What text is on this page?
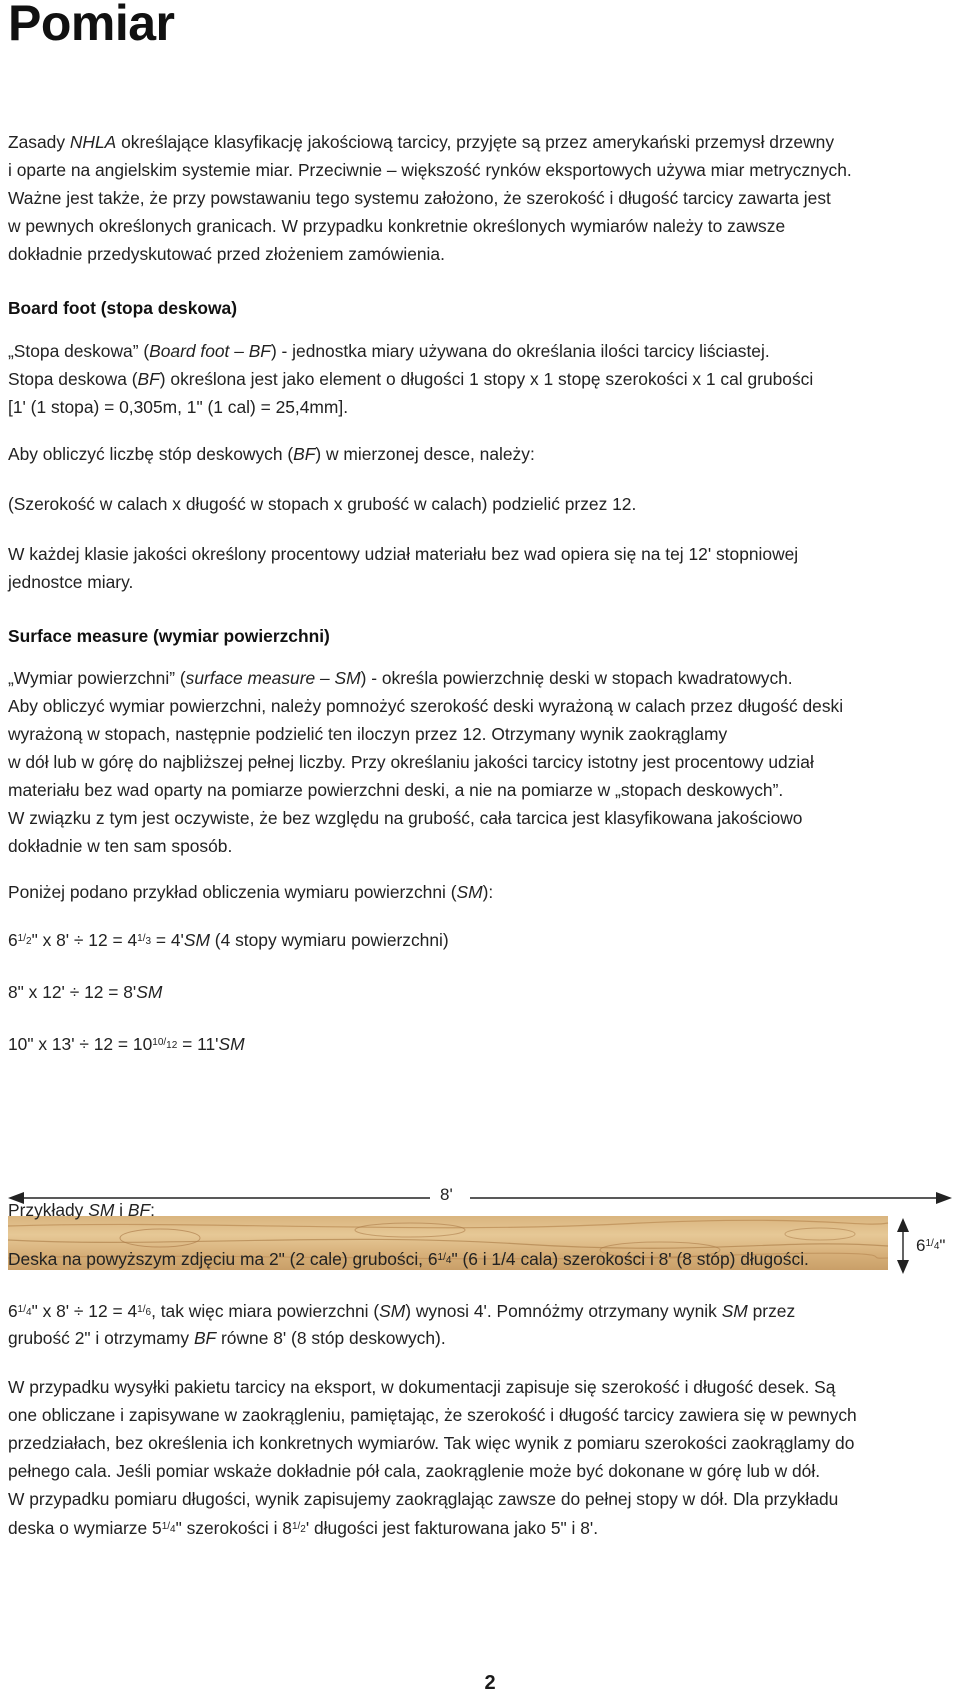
Pomiar

Zasady NHLA określające klasyfikację jakościową tarcicy, przyjęte są przez amerykański przemysł drzewny

i oparte na angielskim systemie miar. Przeciwnie – większość rynków eksportowych używa miar metrycznych.

Ważne jest także, że przy powstawaniu tego systemu założono, że szerokość i długość tarcicy zawarta jest

w pewnych określonych granicach. W przypadku konkretnie określonych wymiarów należy to zawsze

dokładnie przedyskutować przed złożeniem zamówienia.

Board foot (stopa deskowa)

„Stopa deskowa” (Board foot – BF) - jednostka miary używana do określania ilości tarcicy liściastej.

Stopa deskowa (BF) określona jest jako element o długości 1 stopy x 1 stopę szerokości x 1 cal grubości

[1' (1 stopa) = 0,305m, 1" (1 cal) = 25,4mm].

Aby obliczyć liczbę stóp deskowych (BF) w mierzonej desce, należy:

(Szerokość w calach x długość w stopach x grubość w calach) podzielić przez 12.

W każdej klasie jakości określony procentowy udział materiału bez wad opiera się na tej 12' stopniowej

jednostce miary.

Surface measure (wymiar powierzchni)

„Wymiar powierzchni” (surface measure – SM) - określa powierzchnię deski w stopach kwadratowych.

Aby obliczyć wymiar powierzchni, należy pomnożyć szerokość deski wyrażoną w calach przez długość deski

wyrażoną w stopach, następnie podzielić ten iloczyn przez 12. Otrzymany wynik zaokrąglamy

w dół lub w górę do najbliższej pełnej liczby. Przy określaniu jakości tarcicy istotny jest procentowy udział

materiału bez wad oparty na pomiarze powierzchni deski, a nie na pomiarze w „stopach deskowych”.

W związku z tym jest oczywiste, że bez względu na grubość, cała tarcica jest klasyfikowana jakościowo

dokładnie w ten sam sposób.

Poniżej podano przykład obliczenia wymiaru powierzchni (SM):

61/2" x 8' ÷ 12 = 41/3 = 4'SM (4 stopy wymiaru powierzchni)

8" x 12' ÷ 12 = 8'SM

10" x 13' ÷ 12 = 1010/12 = 11'SM

8'
61/4"

Przykłady SM i BF:

Deska na powyższym zdjęciu ma 2" (2 cale) grubości, 61/4" (6 i 1/4 cala) szerokości i 8' (8 stóp) długości.

61/4" x 8' ÷ 12 = 41/6, tak więc miara powierzchni (SM) wynosi 4'. Pomnóżmy otrzymany wynik SM przez

grubość 2" i otrzymamy BF równe 8' (8 stóp deskowych).

W przypadku wysyłki pakietu tarcicy na eksport, w dokumentacji zapisuje się szerokość i długość desek. Są

one obliczane i zapisywane w zaokrągleniu, pamiętając, że szerokość i długość tarcicy zawiera się w pewnych

przedziałach, bez określenia ich konkretnych wymiarów. Tak więc wynik z pomiaru szerokości zaokrąglamy do

pełnego cala. Jeśli pomiar wskaże dokładnie pół cala, zaokrąglenie może być dokonane w górę lub w dół.

W przypadku pomiaru długości, wynik zapisujemy zaokrąglając zawsze do pełnej stopy w dół. Dla przykładu

deska o wymiarze 51/4" szerokości i 81/2' długości jest fakturowana jako 5" i 8'.

2
